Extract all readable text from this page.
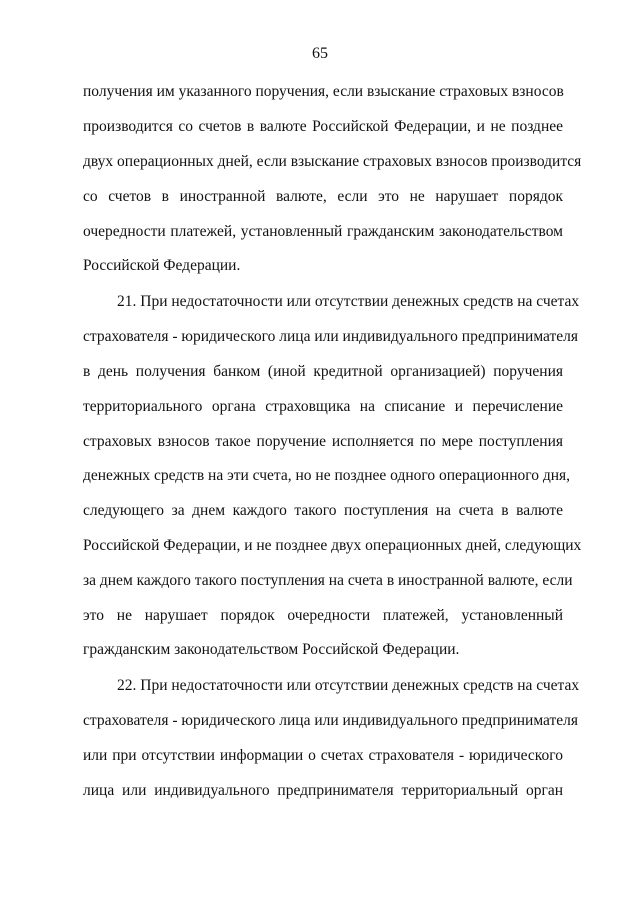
65
получения им указанного поручения, если взыскание страховых взносов
производится со счетов в валюте Российской Федерации, и не позднее
двух операционных дней, если взыскание страховых взносов производится
со счетов в иностранной валюте, если это не нарушает порядок
очередности платежей, установленный гражданским законодательством
Российской Федерации.
21. При недостаточности или отсутствии денежных средств на счетах
страхователя - юридического лица или индивидуального предпринимателя
в день получения банком (иной кредитной организацией) поручения
территориального органа страховщика на списание и перечисление
страховых взносов такое поручение исполняется по мере поступления
денежных средств на эти счета, но не позднее одного операционного дня,
следующего за днем каждого такого поступления на счета в валюте
Российской Федерации, и не позднее двух операционных дней, следующих
за днем каждого такого поступления на счета в иностранной валюте, если
это не нарушает порядок очередности платежей, установленный
гражданским законодательством Российской Федерации.
22. При недостаточности или отсутствии денежных средств на счетах
страхователя - юридического лица или индивидуального предпринимателя
или при отсутствии информации о счетах страхователя - юридического
лица или индивидуального предпринимателя территориальный орган
